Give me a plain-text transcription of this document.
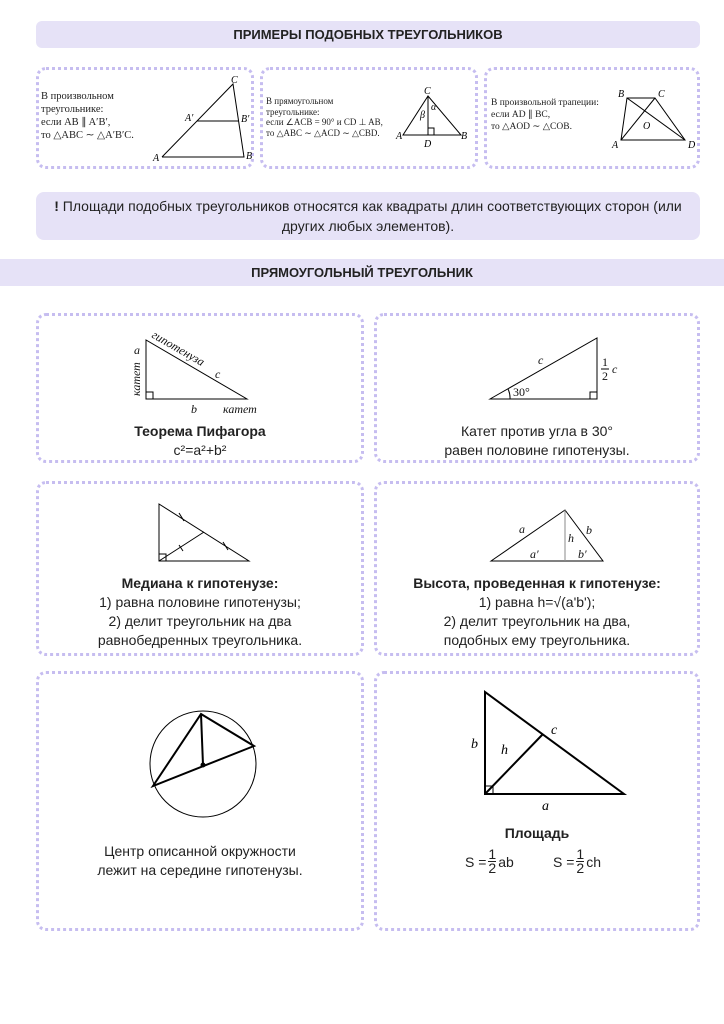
ПРИМЕРЫ ПОДОБНЫХ ТРЕУГОЛЬНИКОВ
В произвольном
треугольнике:
если AB ∥ A′B′,
то △ABC ∼ △A′B′C.
C
A′	B′
A	B
В прямоугольном
треугольнике:
если ∠ACB = 90° и CD ⊥ AB,
то △ABC ∼ △ACD ∼ △CBD.
C
A
D
B
α
β
В произвольной трапеции:
если AD ∥ BC,
то △AOD ∼ △COB.
B	C
O
A	D
! Площади подобных треугольников относятся как квадраты длин соответствующих сторон (или других любых элементов).
ПРЯМОУГОЛЬНЫЙ ТРЕУГОЛЬНИК
a
b
c
гипотенуза
катет
катет
Теорема Пифагора
c²=a²+b²
c
30°
1
2 c
Катет против угла в 30°
равен половине гипотенузы.
Медиана к гипотенузе:
1) равна половине гипотенузы;
2) делит треугольник на два
равнобедренных треугольника.
a	b
h
a′	b′
Высота, проведенная к гипотенузе:
1) равна h=√(a'b');
2) делит треугольник на два,
подобных ему треугольника.
Центр описанной окружности
лежит на середине гипотенузы.
b
a
c
h
Площадь
$S = \frac{1}{2}$ ab	$S = \frac{1}{2}$ ch
